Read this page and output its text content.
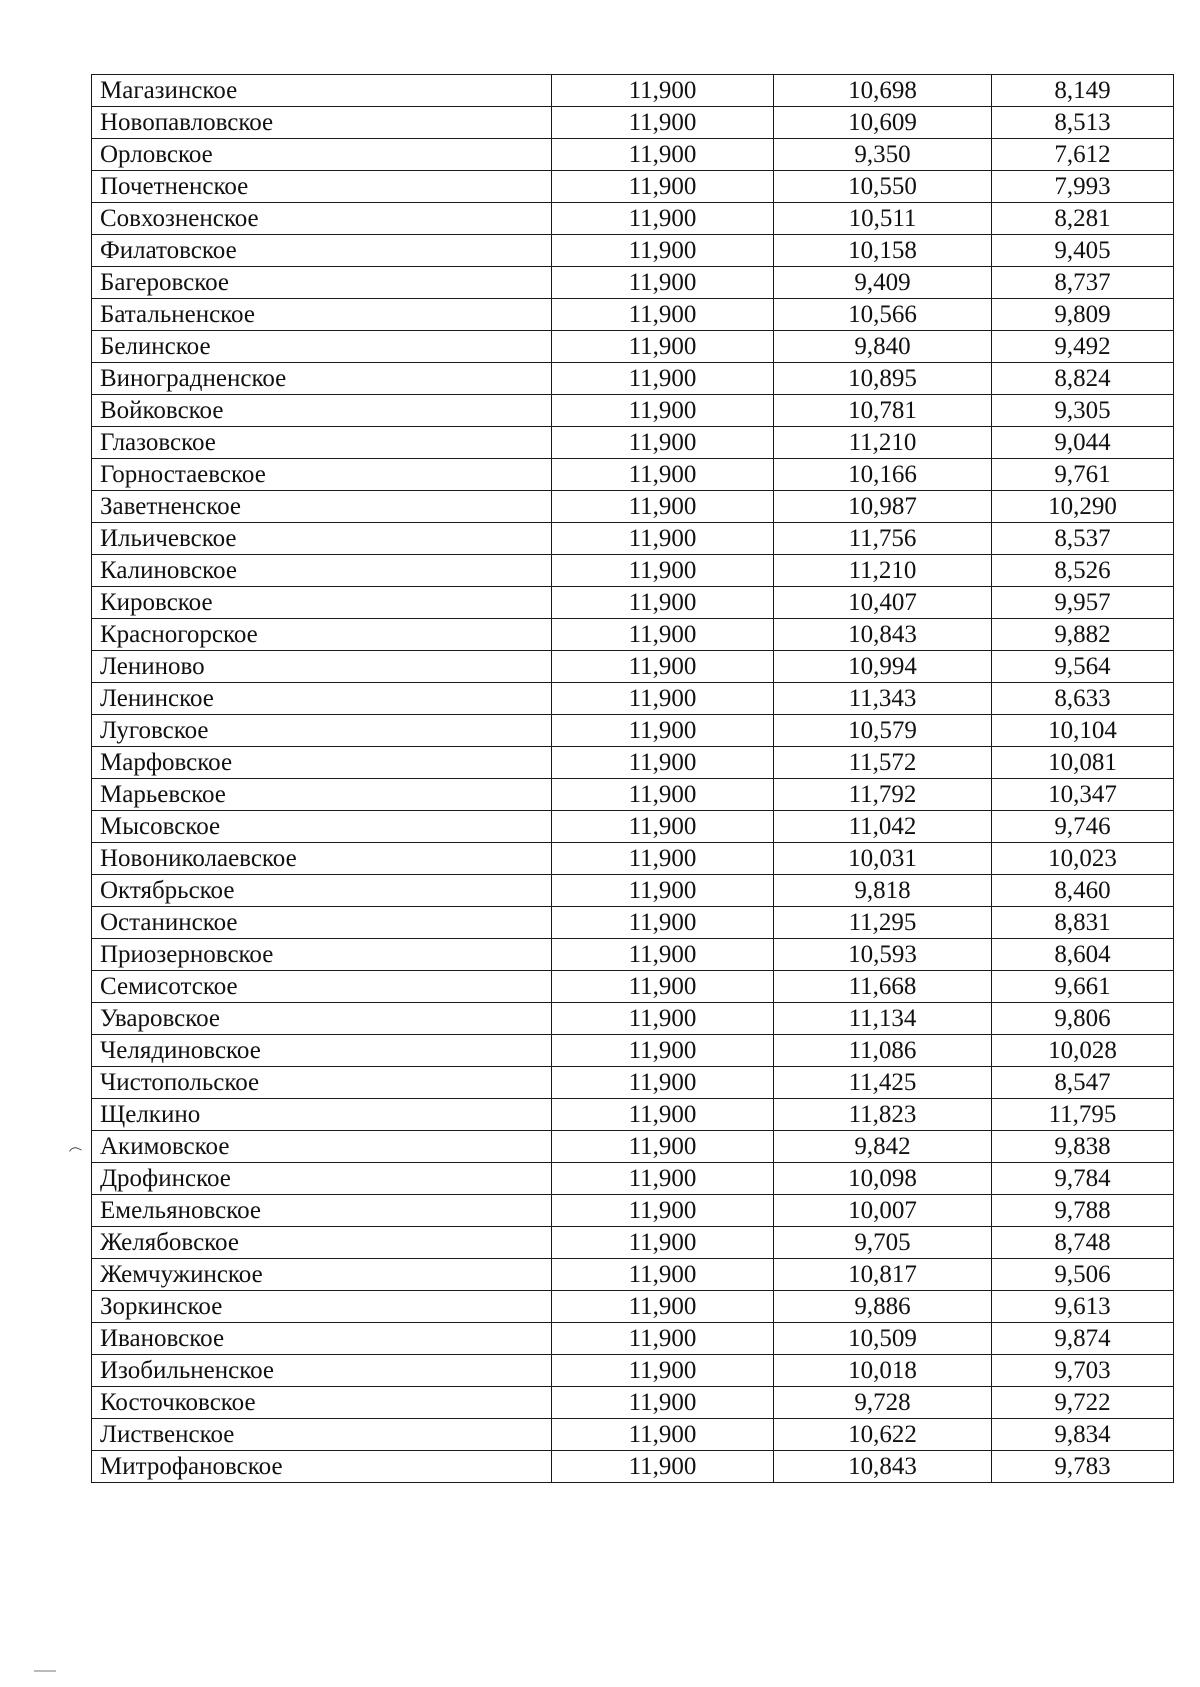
Магазинское	11,900	10,698	8,149
Новопавловское	11,900	10,609	8,513
Орловское	11,900	9,350	7,612
Почетненское	11,900	10,550	7,993
Совхозненское	11,900	10,511	8,281
Филатовское	11,900	10,158	9,405
Багеровское	11,900	9,409	8,737
Батальненское	11,900	10,566	9,809
Белинское	11,900	9,840	9,492
Виноградненское	11,900	10,895	8,824
Войковское	11,900	10,781	9,305
Глазовское	11,900	11,210	9,044
Горностаевское	11,900	10,166	9,761
Заветненское	11,900	10,987	10,290
Ильичевское	11,900	11,756	8,537
Калиновское	11,900	11,210	8,526
Кировское	11,900	10,407	9,957
Красногорское	11,900	10,843	9,882
Лениново	11,900	10,994	9,564
Ленинское	11,900	11,343	8,633
Луговское	11,900	10,579	10,104
Марфовское	11,900	11,572	10,081
Марьевское	11,900	11,792	10,347
Мысовское	11,900	11,042	9,746
Новониколаевское	11,900	10,031	10,023
Октябрьское	11,900	9,818	8,460
Останинское	11,900	11,295	8,831
Приозерновское	11,900	10,593	8,604
Семисотское	11,900	11,668	9,661
Уваровское	11,900	11,134	9,806
Челядиновское	11,900	11,086	10,028
Чистопольское	11,900	11,425	8,547
Щелкино	11,900	11,823	11,795
Акимовское	11,900	9,842	9,838
Дрофинское	11,900	10,098	9,784
Емельяновское	11,900	10,007	9,788
Желябовское	11,900	9,705	8,748
Жемчужинское	11,900	10,817	9,506
Зоркинское	11,900	9,886	9,613
Ивановское	11,900	10,509	9,874
Изобильненское	11,900	10,018	9,703
Косточковское	11,900	9,728	9,722
Лиственское	11,900	10,622	9,834
Митрофановское	11,900	10,843	9,783
